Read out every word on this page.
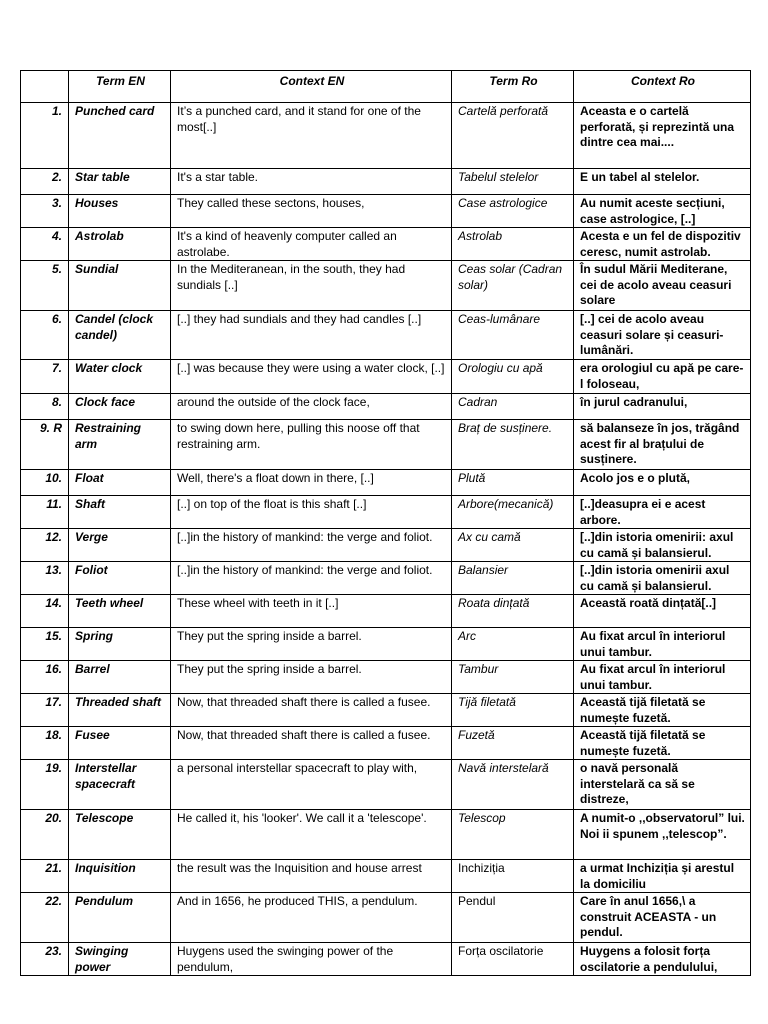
	Term EN	Context EN	Term Ro	Context Ro
1.	Punched card	It’s a punched card, and it stand for one of the most[..]	Cartelă perforată	Aceasta e o cartelă perforată, și reprezintă una dintre cea mai....
2.	Star table	It's a star table.	Tabelul stelelor	E un tabel al stelelor.
3.	Houses	They called these sectons, houses,	Case astrologice	Au numit aceste secțiuni, case astrologice, [..]
4.	Astrolab	It's a kind of heavenly computer called an astrolabe.	Astrolab	Acesta e un fel de dispozitiv ceresc, numit astrolab.
5.	Sundial	In the Mediteranean, in the south, they had sundials [..]	Ceas solar (Cadran solar)	În sudul Mării Mediterane, cei de acolo aveau ceasuri solare
6.	Candel (clock candel)	[..] they had sundials and they had candles [..]	Ceas-lumânare	[..] cei de acolo aveau ceasuri solare și ceasuri-lumânări.
7.	Water clock	[..] was because they were using a water clock, [..]	Orologiu cu apă	era orologiul cu apă pe care-l foloseau,
8.	Clock face	around the outside of the clock face,	Cadran	în jurul cadranului,
9. R	Restraining arm	to swing down here, pulling this noose off that restraining arm.	Braț de susținere.	să balanseze în jos, trăgând acest fir al brațului de susținere.
10.	Float	Well, there's a float down in there, [..]	Plută	Acolo jos e o plută,
11.	Shaft	[..] on top of the float is this shaft [..]	Arbore(mecanică)	[..]deasupra ei e acest arbore.
12.	Verge	[..]in the history of mankind: the verge and foliot.	Ax cu camă	[..]din istoria omenirii: axul cu camă și balansierul.
13.	Foliot	[..]in the history of mankind: the verge and foliot.	Balansier	[..]din istoria omenirii axul cu camă și balansierul.
14.	Teeth wheel	These wheel with teeth in it [..]	Roata dințată	Această roată dințată[..]
15.	Spring	They put the spring inside a barrel.	Arc	Au fixat arcul în interiorul unui tambur.
16.	Barrel	They put the spring inside a barrel.	Tambur	Au fixat arcul în interiorul unui tambur.
17.	Threaded shaft	Now, that threaded shaft there is called a fusee.	Tijă filetată	Această tijă filetată se numește fuzetă.
18.	Fusee	Now, that threaded shaft there is called a fusee.	Fuzetă	Această tijă filetată se numește fuzetă.
19.	Interstellar spacecraft	a personal interstellar spacecraft to play with,	Navă interstelară	o navă personală interstelară ca să se distreze,
20.	Telescope	He called it, his 'looker'. We call it a 'telescope'.	Telescop	A numit-o ,,observatorul” lui. Noi ii spunem ,,telescop”.
21.	Inquisition	the result was the Inquisition and house arrest	Inchiziția	a urmat Inchiziția și arestul la domiciliu
22.	Pendulum	And in 1656, he produced THIS, a pendulum.	Pendul	Care în anul 1656,\ a construit ACEASTA - un pendul.
23.	Swinging power	Huygens used the swinging power of the pendulum,	Forța oscilatorie	Huygens a folosit forța oscilatorie a pendulului,
